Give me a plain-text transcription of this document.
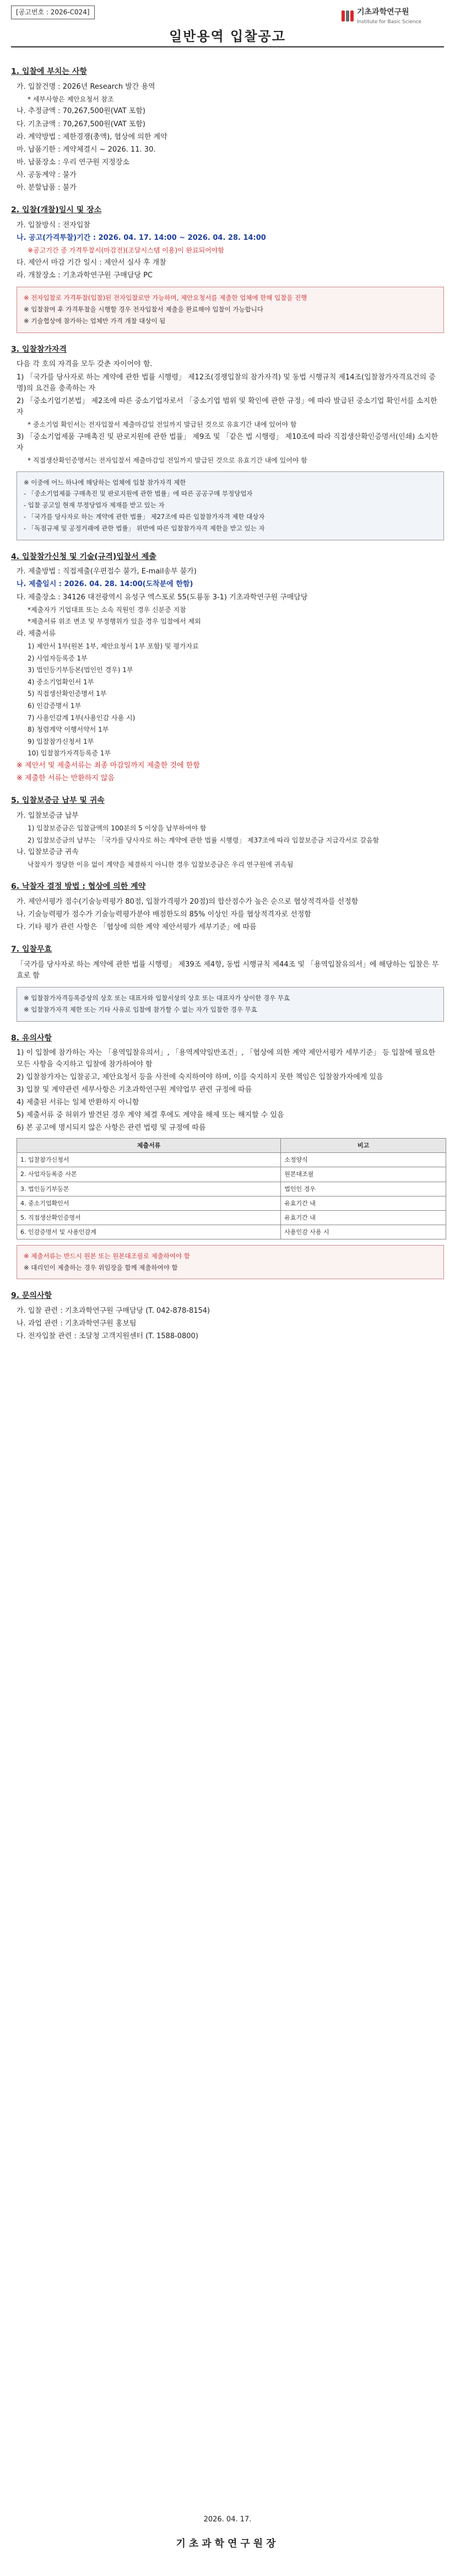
[공고번호 : 2026-C024]	기초과학연구원
Institute for Basic Science
일반용역 입찰공고
1. 입찰에 부치는 사항
가. 입찰건명 : 2026년 Research 발간 용역
* 세부사항은 제안요청서 참조
나. 추정금액 : 70,267,500원(VAT 포함)
다. 기초금액 : 70,267,500원(VAT 포함)
라. 계약방법 : 제한경쟁(총액), 협상에 의한 계약
마. 납품기한 : 계약체결시 ~ 2026. 11. 30.
바. 납품장소 : 우리 연구원 지정장소
사. 공동계약 : 불가
아. 분할납품 : 불가
2. 입찰(개찰)일시 및 장소
가. 입찰방식 : 전자입찰
나. 공고(가격투찰)기간 : 2026. 04. 17. 14:00 ~ 2026. 04. 28. 14:00
※공고기간 중 가격투찰시(마감전)(조달시스템 이용)이 완료되어야함
다. 제안서 마감 기간 일시 : 제안서 실사 후 개찰
라. 개찰장소 : 기초과학연구원 구매담당 PC
※ 전자입찰로 가격투찰(입찰)된 전자입찰로만 가능하며, 제안요청서를 제출한 업체에 한해 입찰을 진행
※ 입찰참여 후 가격투찰을 시행할 경우 전자입찰서 제출을 완료해야 입찰이 가능합니다
※ 기술협상에 참가하는 업체만 가격 개찰 대상이 됨
3. 입찰참가자격
다음 각 호의 자격을 모두 갖춘 자이어야 함.
1) 「국가를 당사자로 하는 계약에 관한 법률 시행령」 제12조(경쟁입찰의 참가자격) 및 동법 시행규칙 제14조(입찰참가자격요건의 증명)의 요건을 충족하는 자
2) 「중소기업기본법」 제2조에 따른 중소기업자로서 「중소기업 범위 및 확인에 관한 규정」에 따라 발급된 중소기업 확인서를 소지한 자
* 중소기업 확인서는 전자입찰서 제출마감일 전일까지 발급된 것으로 유효기간 내에 있어야 함
3) 「중소기업제품 구매촉진 및 판로지원에 관한 법률」 제9조 및 「같은 법 시행령」 제10조에 따라 직접생산확인증명서(인쇄) 소지한 자
* 직접생산확인증명서는 전자입찰서 제출마감일 전일까지 발급된 것으로 유효기간 내에 있어야 함
※ 이중에 어느 하나에 해당하는 업체에 입찰 참가자격 제한
- 「중소기업제품 구매촉진 및 판로지원에 관한 법률」에 따른 공공구매 부정당업자
- 입찰 공고일 현재 부정당업자 제재를 받고 있는 자
- 「국가를 당사자로 하는 계약에 관한 법률」 제27조에 따른 입찰참가자격 제한 대상자
- 「독점규제 및 공정거래에 관한 법률」 위반에 따른 입찰참가자격 제한을 받고 있는 자
4. 입찰참가신청 및 기술(규격)입찰서 제출
가. 제출방법 : 직접제출(우편접수 불가, E-mail송부 불가)
나. 제출일시 : 2026. 04. 28. 14:00(도착분에 한함)
다. 제출장소 : 34126 대전광역시 유성구 엑스포로 55(도룡동 3-1) 기초과학연구원 구매담당
*제출자가 기업대표 또는 소속 직원인 경우 신분증 지참
*제출서류 위조 변조 및 부정행위가 있을 경우 입찰에서 제외
라. 제출서류
1) 제안서 1부(원본 1부, 제안요청서 1부 포함) 및 평가자료
2) 사업자등록증 1부
3) 법인등기부등본(법인인 경우) 1부
4) 중소기업확인서 1부
5) 직접생산확인증명서 1부
6) 인감증명서 1부
7) 사용인감계 1부(사용인감 사용 시)
8) 청렴계약 이행서약서 1부
9) 입찰참가신청서 1부
10) 입찰참가자격등록증 1부
※ 제안서 및 제출서류는 최종 마감일까지 제출한 것에 한함
※ 제출한 서류는 반환하지 않음
5. 입찰보증금 납부 및 귀속
가. 입찰보증금 납부
1) 입찰보증금은 입찰금액의 100분의 5 이상을 납부하여야 함
2) 입찰보증금의 납부는 「국가를 당사자로 하는 계약에 관한 법률 시행령」 제37조에 따라 입찰보증금 지급각서로 갈음함
나. 입찰보증금 귀속
낙찰자가 정당한 이유 없이 계약을 체결하지 아니한 경우 입찰보증금은 우리 연구원에 귀속됨
6. 낙찰자 결정 방법 : 협상에 의한 계약
가. 제안서평가 점수(기술능력평가 80점, 입찰가격평가 20점)의 합산점수가 높은 순으로 협상적격자를 선정함
나. 기술능력평가 점수가 기술능력평가분야 배점한도의 85% 이상인 자를 협상적격자로 선정함
다. 기타 평가 관련 사항은 「협상에 의한 계약 제안서평가 세부기준」에 따름
7. 입찰무효
「국가를 당사자로 하는 계약에 관한 법률 시행령」 제39조 제4항, 동법 시행규칙 제44조 및 「용역입찰유의서」에 해당하는 입찰은 무효로 함
※ 입찰참가자격등록증상의 상호 또는 대표자와 입찰서상의 상호 또는 대표자가 상이한 경우 무효
※ 입찰참가자격 제한 또는 기타 사유로 입찰에 참가할 수 없는 자가 입찰한 경우 무효
8. 유의사항
1) 이 입찰에 참가하는 자는 「용역입찰유의서」, 「용역계약일반조건」, 「협상에 의한 계약 제안서평가 세부기준」 등 입찰에 필요한 모든 사항을 숙지하고 입찰에 참가하여야 함
2) 입찰참가자는 입찰공고, 제안요청서 등을 사전에 숙지하여야 하며, 이를 숙지하지 못한 책임은 입찰참가자에게 있음
3) 입찰 및 계약관련 세부사항은 기초과학연구원 계약업무 관련 규정에 따름
4) 제출된 서류는 일체 반환하지 아니함
5) 제출서류 중 허위가 발견된 경우 계약 체결 후에도 계약을 해제 또는 해지할 수 있음
6) 본 공고에 명시되지 않은 사항은 관련 법령 및 규정에 따름
제출서류	비고
1. 입찰참가신청서	소정양식
2. 사업자등록증 사본	원본대조필
3. 법인등기부등본	법인인 경우
4. 중소기업확인서	유효기간 내
5. 직접생산확인증명서	유효기간 내
6. 인감증명서 및 사용인감계	사용인감 사용 시
※ 제출서류는 반드시 원본 또는 원본대조필로 제출하여야 함
※ 대리인이 제출하는 경우 위임장을 함께 제출하여야 함
9. 문의사항
가. 입찰 관련 : 기초과학연구원 구매담당 (T. 042-878-8154)
나. 과업 관련 : 기초과학연구원 홍보팀
다. 전자입찰 관련 : 조달청 고객지원센터 (T. 1588-0800)
2026. 04. 17.
기초과학연구원장
